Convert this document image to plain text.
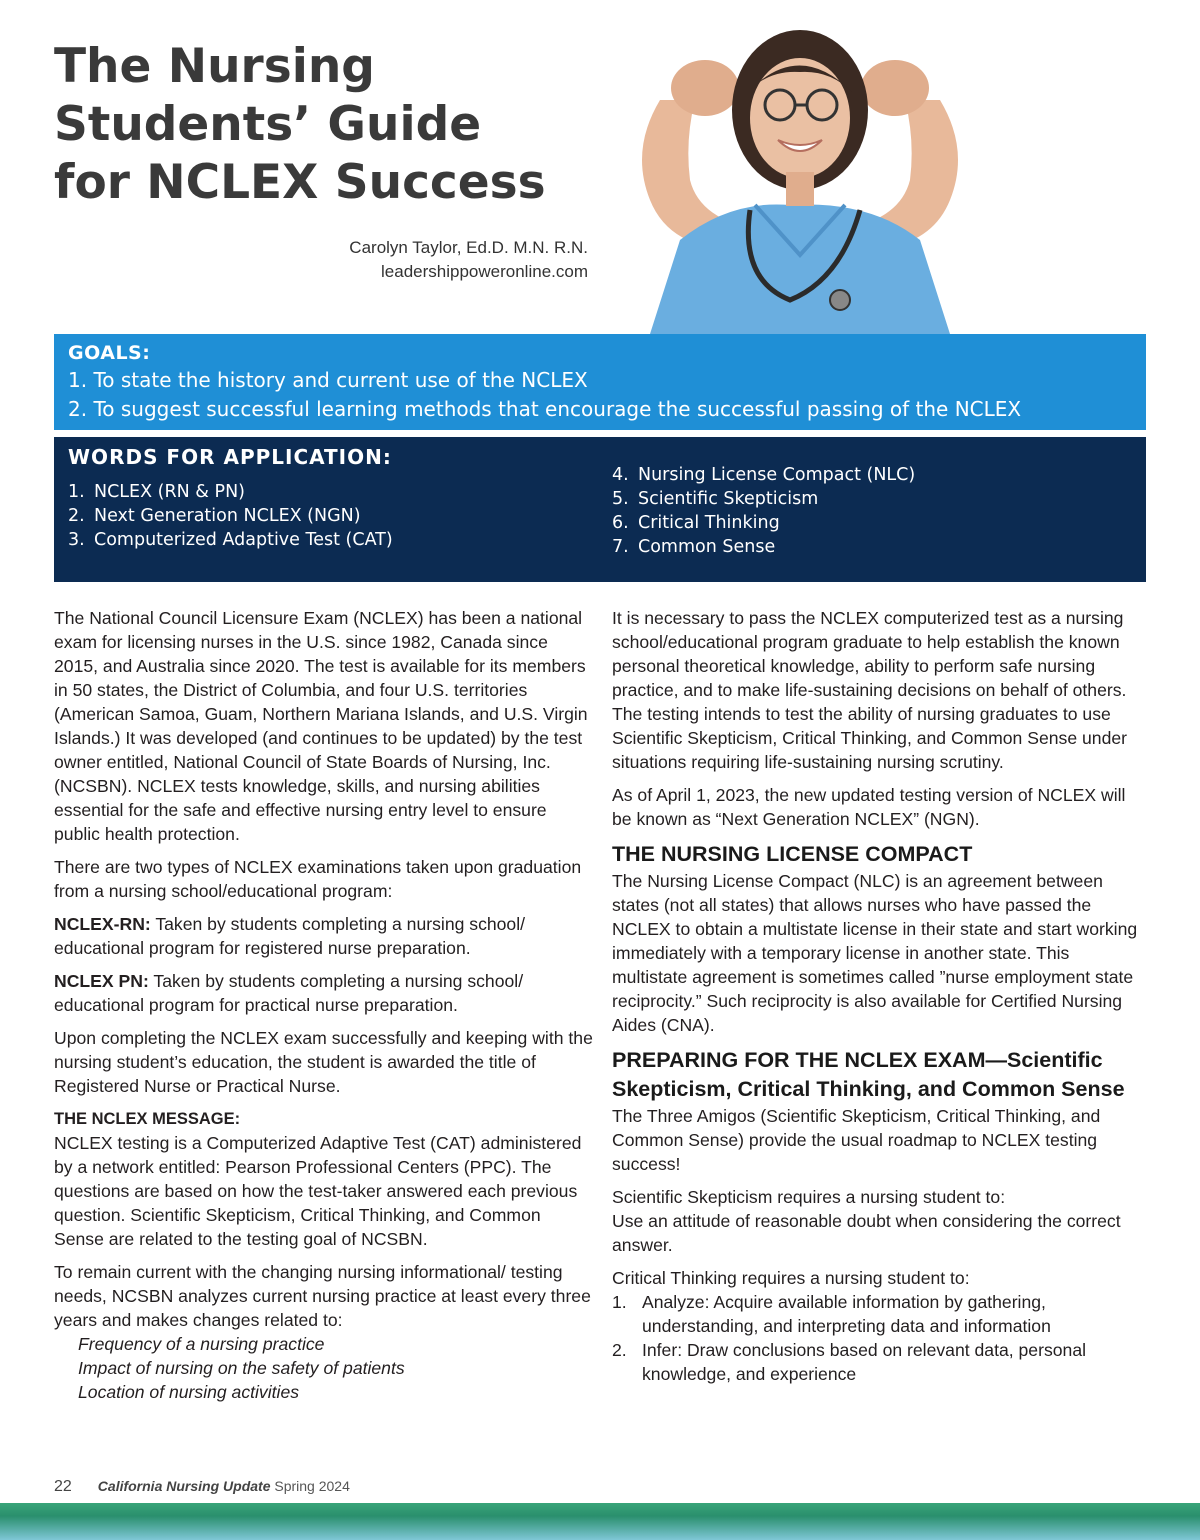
The Nursing
Students’ Guide
for NCLEX Success
Carolyn Taylor, Ed.D. M.N. R.N.
leadershippoweronline.com
GOALS:
1. To state the history and current use of the NCLEX
2. To suggest successful learning methods that encourage the successful passing of the NCLEX
WORDS FOR APPLICATION:
1. NCLEX (RN & PN)
2. Next Generation NCLEX (NGN)
3. Computerized Adaptive Test (CAT)
4. Nursing License Compact (NLC)
5. Scientific Skepticism
6. Critical Thinking
7. Common Sense

The National Council Licensure Exam (NCLEX) has been a national exam for licensing nurses in the U.S. since 1982, Canada since 2015, and Australia since 2020. The test is available for its members in 50 states, the District of Columbia, and four U.S. territories (American Samoa, Guam, Northern Mariana Islands, and U.S. Virgin Islands.) It was developed (and continues to be updated) by the test owner entitled, National Council of State Boards of Nursing, Inc. (NCSBN). NCLEX tests knowledge, skills, and nursing abilities essential for the safe and effective nursing entry level to ensure public health protection.

There are two types of NCLEX examinations taken upon graduation from a nursing school/educational program:

NCLEX-RN: Taken by students completing a nursing school/ educational program for registered nurse preparation.

NCLEX PN: Taken by students completing a nursing school/ educational program for practical nurse preparation.

Upon completing the NCLEX exam successfully and keeping with the nursing student’s education, the student is awarded the title of Registered Nurse or Practical Nurse.

THE NCLEX MESSAGE:

NCLEX testing is a Computerized Adaptive Test (CAT) administered by a network entitled: Pearson Professional Centers (PPC). The questions are based on how the test-taker answered each previous question. Scientific Skepticism, Critical Thinking, and Common Sense are related to the testing goal of NCSBN.

To remain current with the changing nursing informational/ testing needs, NCSBN analyzes current nursing practice at least every three years and makes changes related to:

Frequency of a nursing practice
Impact of nursing on the safety of patients
Location of nursing activities

It is necessary to pass the NCLEX computerized test as a nursing school/educational program graduate to help establish the known personal theoretical knowledge, ability to perform safe nursing practice, and to make life-sustaining decisions on behalf of others. The testing intends to test the ability of nursing graduates to use Scientific Skepticism, Critical Thinking, and Common Sense under situations requiring life-sustaining nursing scrutiny.

As of April 1, 2023, the new updated testing version of NCLEX will be known as “Next Generation NCLEX” (NGN).

THE NURSING LICENSE COMPACT

The Nursing License Compact (NLC) is an agreement between states (not all states) that allows nurses who have passed the NCLEX to obtain a multistate license in their state and start working immediately with a temporary license in another state. This multistate agreement is sometimes called ”nurse employment state reciprocity.” Such reciprocity is also available for Certified Nursing Aides (CNA).

PREPARING FOR THE NCLEX EXAM—Scientific Skepticism, Critical Thinking, and Common Sense

The Three Amigos (Scientific Skepticism, Critical Thinking, and Common Sense) provide the usual roadmap to NCLEX testing success!

Scientific Skepticism requires a nursing student to:
Use an attitude of reasonable doubt when considering the correct answer.

Critical Thinking requires a nursing student to:

1. Analyze: Acquire available information by gathering, understanding, and interpreting data and information
2. Infer: Draw conclusions based on relevant data, personal knowledge, and experience
22 California Nursing Update Spring 2024
